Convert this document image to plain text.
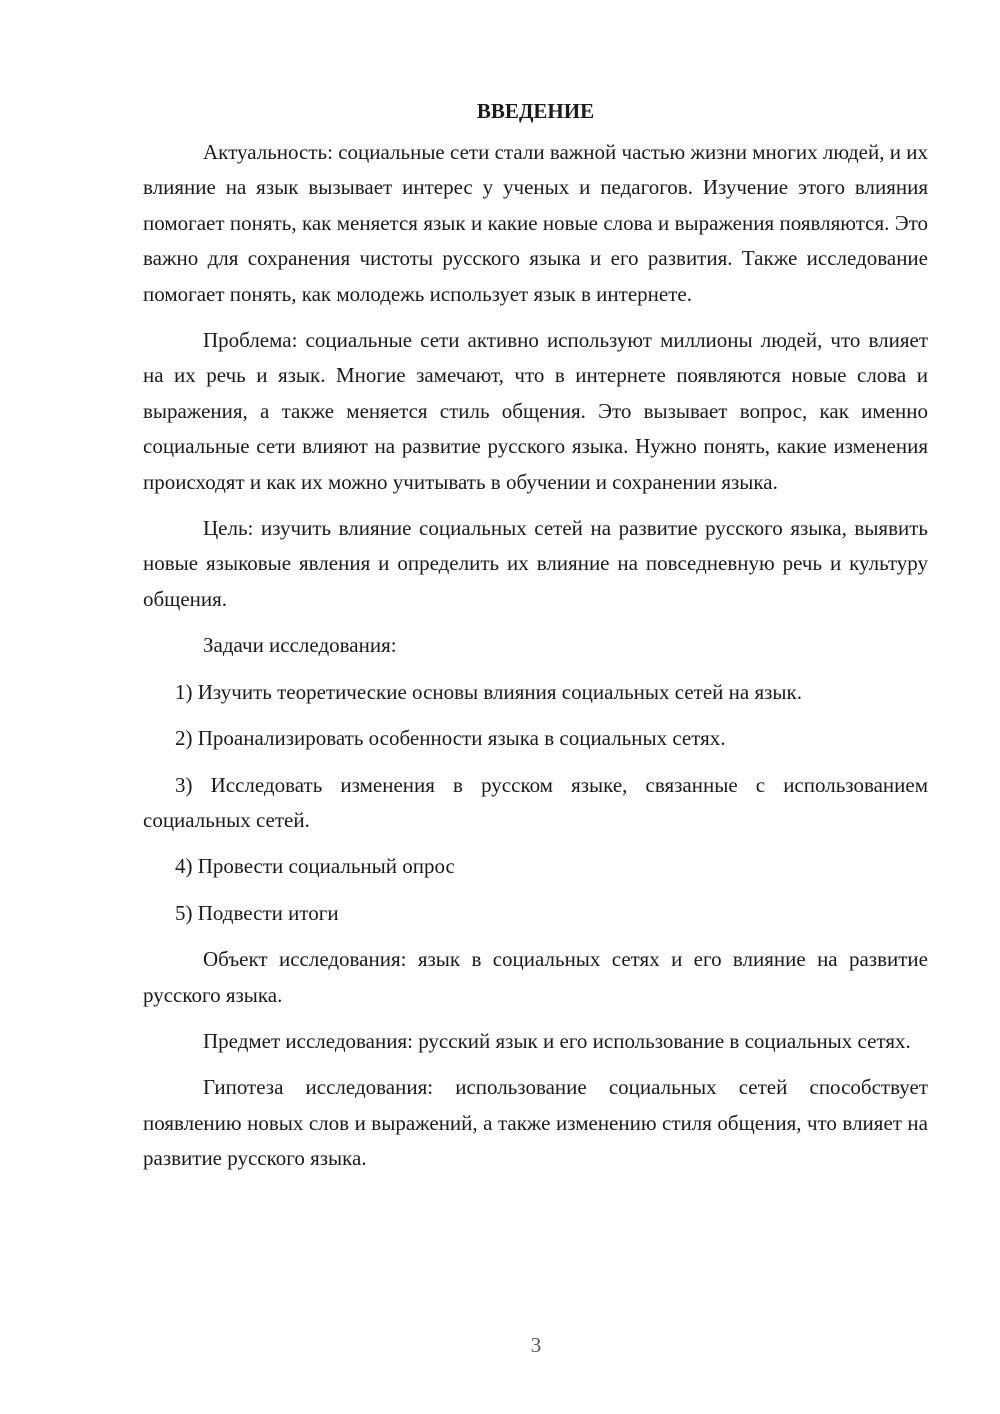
ВВЕДЕНИЕ

Актуальность: социальные сети стали важной частью жизни многих людей, и их влияние на язык вызывает интерес у ученых и педагогов. Изучение этого влияния помогает понять, как меняется язык и какие новые слова и выражения появляются. Это важно для сохранения чистоты русского языка и его развития. Также исследование помогает понять, как молодежь использует язык в интернете.

Проблема: социальные сети активно используют миллионы людей, что влияет на их речь и язык. Многие замечают, что в интернете появляются новые слова и выражения, а также меняется стиль общения. Это вызывает вопрос, как именно социальные сети влияют на развитие русского языка. Нужно понять, какие изменения происходят и как их можно учитывать в обучении и сохранении языка.

Цель: изучить влияние социальных сетей на развитие русского языка, выявить новые языковые явления и определить их влияние на повседневную речь и культуру общения.

Задачи исследования:

1) Изучить теоретические основы влияния социальных сетей на язык.

2) Проанализировать особенности языка в социальных сетях.

3) Исследовать изменения в русском языке, связанные с использованием социальных сетей.

4) Провести социальный опрос

5) Подвести итоги

Объект исследования: язык в социальных сетях и его влияние на развитие русского языка.

Предмет исследования: русский язык и его использование в социальных сетях.

Гипотеза исследования: использование социальных сетей способствует появлению новых слов и выражений, а также изменению стиля общения, что влияет на развитие русского языка.

3
